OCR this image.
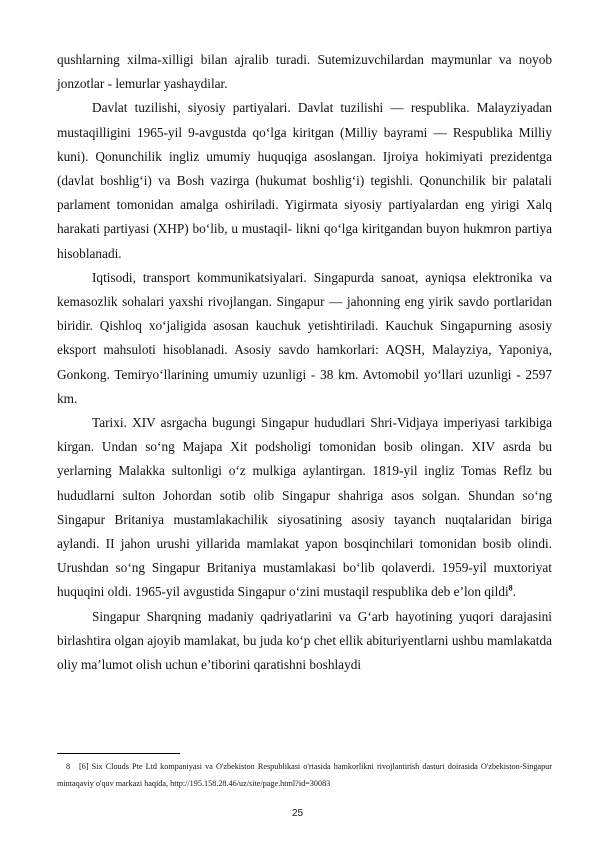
qushlarning xilma-xilligi bilan ajralib turadi. Sutemizuvchilardan maymunlar va noyob jonzotlar - lemurlar yashaydilar.

Davlat tuzilishi, siyosiy partiyalari. Davlat tuzilishi — respublika. Malayziyadan mustaqilligini 1965-yil 9-avgustda qo‘lga kiritgan (Milliy bayrami — Respublika Milliy kuni). Qonunchilik ingliz umumiy huquqiga asoslangan. Ijroiya hokimiyati prezidentga (davlat boshlig‘i) va Bosh vazirga (hukumat boshlig‘i) tegishli. Qonunchilik bir palatali parlament tomonidan amalga oshiriladi. Yigirmata siyosiy partiyalardan eng yirigi Xalq harakati partiyasi (XHP) bo‘lib, u mustaqil- likni qo‘lga kiritgandan buyon hukmron partiya hisoblanadi.

Iqtisodi, transport kommunikatsiyalari. Singapurda sanoat, ayniqsa elektronika va kemasozlik sohalari yaxshi rivojlangan. Singapur — jahonning eng yirik savdo portlaridan biridir. Qishloq xo‘jaligida asosan kauchuk yetishtiriladi. Kauchuk Singapurning asosiy eksport mahsuloti hisoblanadi. Asosiy savdo hamkorlari: AQSH, Malayziya, Yaponiya, Gonkong. Temiryo‘llarining umumiy uzunligi - 38 km. Avtomobil yo‘llari uzunligi - 2597 km.

Tarixi. XIV asrgacha bugungi Singapur hududlari Shri-Vidjaya imperiyasi tarkibiga kirgan. Undan so‘ng Majapa Xit podsholigi tomonidan bosib olingan. XIV asrda bu yerlarning Malakka sultonligi o‘z mulkiga aylantirgan. 1819-yil ingliz Tomas Reflz bu hududlarni sulton Johordan sotib olib Singapur shahriga asos solgan. Shundan so‘ng Singapur Britaniya mustamlakachilik siyosatining asosiy tayanch nuqtalaridan biriga aylandi. II jahon urushi yillarida mamlakat yapon bosqinchilari tomonidan bosib olindi. Urushdan so‘ng Singapur Britaniya mustamlakasi bo‘lib qolaverdi. 1959-yil muxtoriyat huquqini oldi. 1965-yil avgustida Singapur o‘zini mustaqil respublika deb e’lon qildi$^8$.

Singapur Sharqning madaniy qadriyatlarini va G‘arb hayotining yuqori darajasini birlashtira olgan ajoyib mamlakat, bu juda ko‘p chet ellik abituriyentlarni ushbu mamlakatda oliy ma’lumot olish uchun e’tiborini qaratishni boshlaydi

8 [6] Six Clouds Pte Ltd kompaniyasi va O'zbekiston Respublikasi o'rtasida hamkorlikni rivojlantirish dasturi doirasida O'zbekiston-Singapur mintaqaviy o'quv markazi haqida, http://195.158.28.46/uz/site/page.html?id=30083
25
